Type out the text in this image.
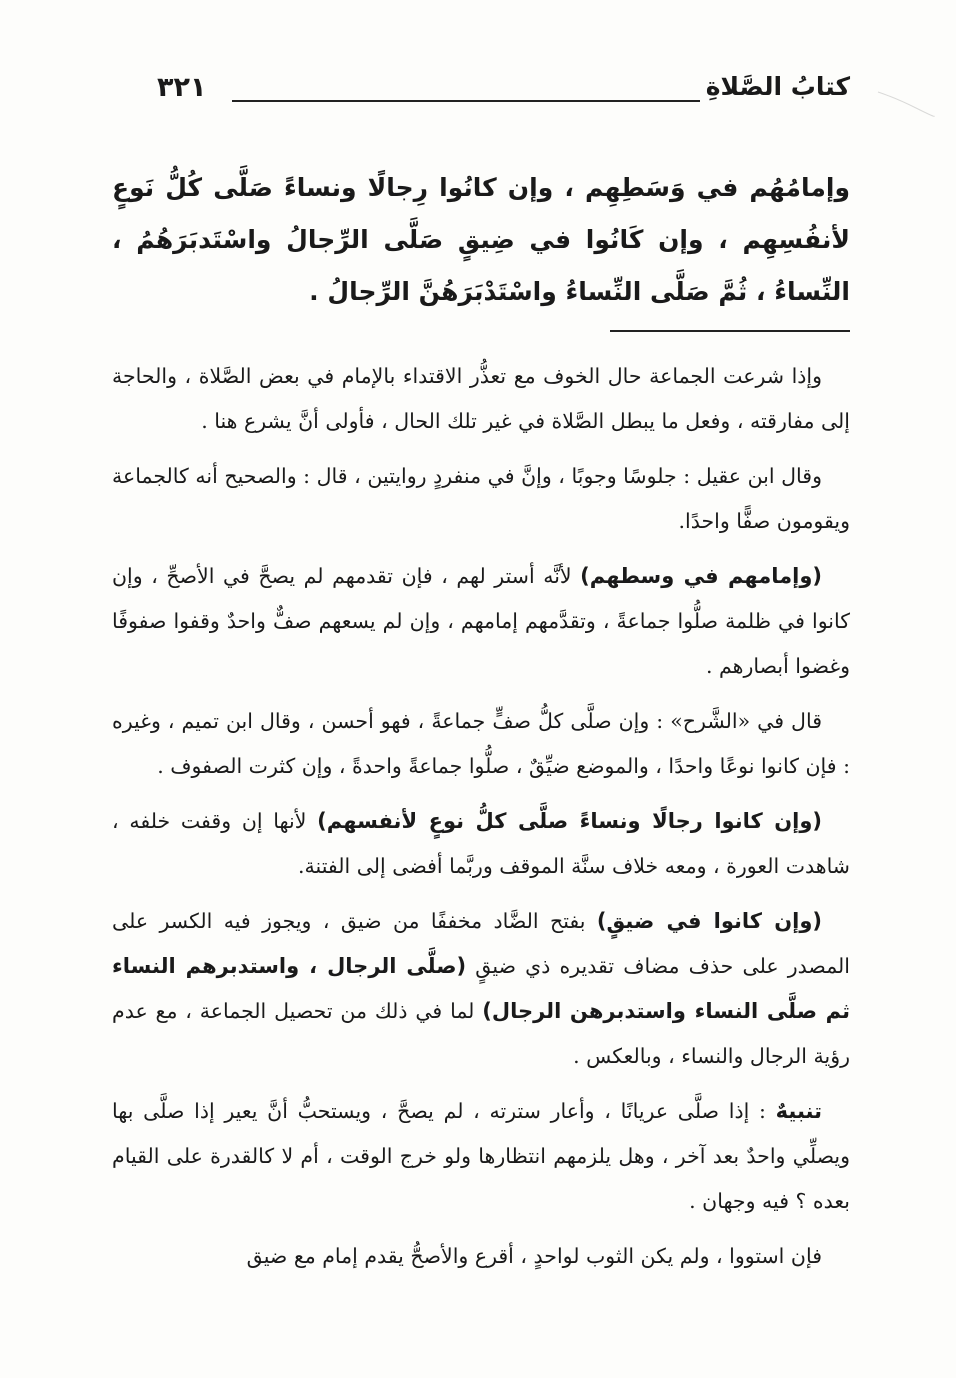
كتابُ الصَّلاةِ
٣٢١
وإمامُهُم في وَسَطِهِم ، وإن كانُوا رِجالًا ونساءً صَلَّى كُلُّ نَوعٍ لأنفُسِهِم ، وإن كَانُوا في ضِيقٍ صَلَّى الرِّجالُ واسْتَدبَرَهُمُ ، النِّساءُ ، ثُمَّ صَلَّى النِّساءُ واسْتَدْبَرَهُنَّ الرِّجالُ .

وإذا شرعت الجماعة حال الخوف مع تعذُّر الاقتداء بالإمام في بعض الصَّلاة ، والحاجة إلى مفارقته ، وفعل ما يبطل الصَّلاة في غير تلك الحال ، فأولى أنَّ يشرع هنا .

وقال ابن عقيل : جلوسًا وجوبًا ، وإنَّ في منفردٍ روايتين ، قال : والصحيح أنه كالجماعة ويقومون صفًّا واحدًا.

(وإمامهم في وسطهم) لأنَّه أستر لهم ، فإن تقدمهم لم يصحَّ في الأصحِّ ، وإن كانوا في ظلمة صلُّوا جماعةً ، وتقدَّمهم إمامهم ، وإن لم يسعهم صفٌّ واحدٌ وقفوا صفوفًا وغضوا أبصارهم .

قال في «الشَّرح» : وإن صلَّى كلُّ صفٍّ جماعةً ، فهو أحسن ، وقال ابن تميم ، وغيره : فإن كانوا نوعًا واحدًا ، والموضع ضيِّقٌ ، صلُّوا جماعةً واحدةً ، وإن كثرت الصفوف .

(وإن كانوا رجالًا ونساءً صلَّى كلُّ نوعٍ لأنفسهم) لأنها إن وقفت خلفه ، شاهدت العورة ، ومعه خلاف سنَّة الموقف وربَّما أفضى إلى الفتنة.

(وإن كانوا في ضيقٍ) بفتح الضَّاد مخففًا من ضيق ، ويجوز فيه الكسر على المصدر على حذف مضاف تقديره ذي ضيقٍ (صلَّى الرجال ، واستدبرهم النساء ثم صلَّى النساء واستدبرهن الرجال) لما في ذلك من تحصيل الجماعة ، مع عدم رؤية الرجال والنساء ، وبالعكس .

تنبيهٌ : إذا صلَّى عريانًا ، وأعار سترته ، لم يصحَّ ، ويستحبُّ أنَّ يعير إذا صلَّى بها ويصلِّي واحدٌ بعد آخر ، وهل يلزمهم انتظارها ولو خرج الوقت ، أم لا كالقدرة على القيام بعده ؟ فيه وجهان .

فإن استووا ، ولم يكن الثوب لواحدٍ ، أقرع والأصحُّ يقدم إمام مع ضيق
